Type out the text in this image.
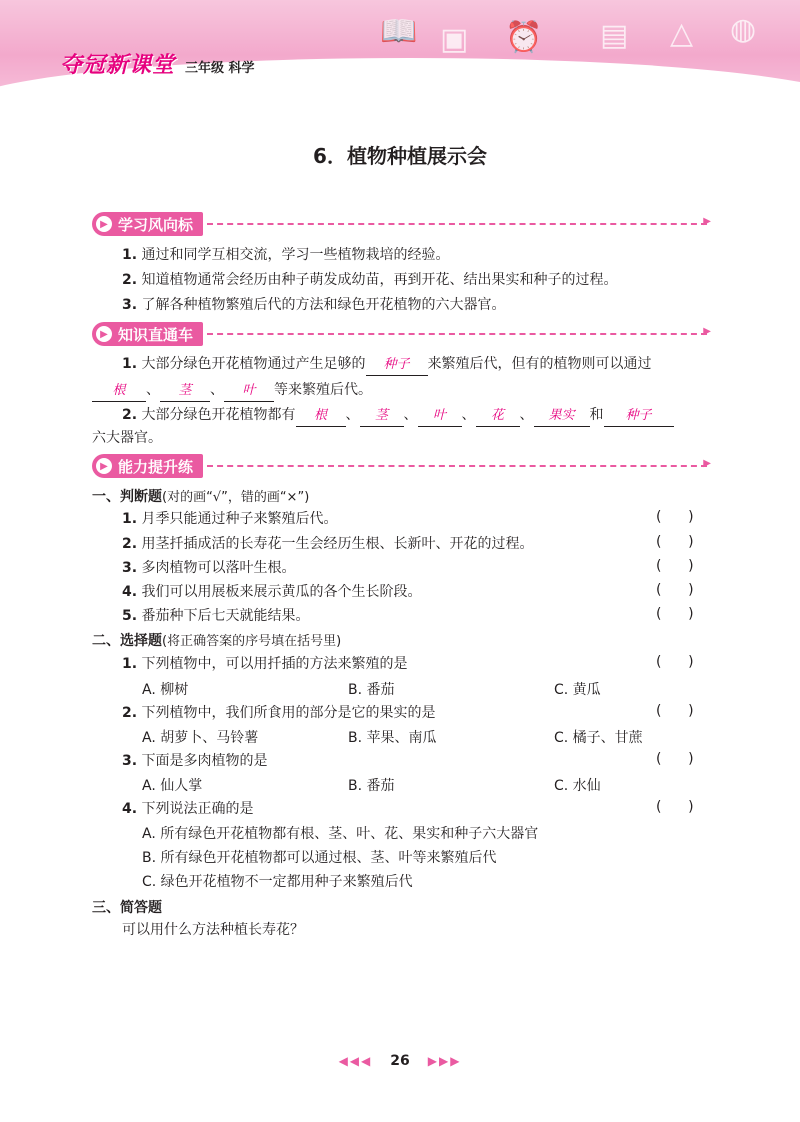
📖 ▣ ⏰ ▤ △ ◍
夺冠新课堂 三年级 科学
6．植物种植展示会
▶ 学习风向标
▶
1. 通过和同学互相交流，学习一些植物栽培的经验。
2. 知道植物通常会经历由种子萌发成幼苗，再到开花、结出果实和种子的过程。
3. 了解各种植物繁殖后代的方法和绿色开花植物的六大器官。
▶ 知识直通车
▶
1. 大部分绿色开花植物通过产生足够的 种子 来繁殖后代，但有的植物则可以通过
根 、 茎 、 叶 等来繁殖后代。
2. 大部分绿色开花植物都有 根 、 茎 、 叶 、 花 、 果实 和 种子
六大器官。
▶ 能力提升练
▶
一、判断题(对的画“√”，错的画“×”)
1. 月季只能通过种子来繁殖后代。	(      )
2. 用茎扦插成活的长寿花一生会经历生根、长新叶、开花的过程。	(      )
3. 多肉植物可以落叶生根。	(      )
4. 我们可以用展板来展示黄瓜的各个生长阶段。	(      )
5. 番茄种下后七天就能结果。	(      )
二、选择题(将正确答案的序号填在括号里)
1. 下列植物中，可以用扦插的方法来繁殖的是	(      )
A. 柳树	B. 番茄	C. 黄瓜
2. 下列植物中，我们所食用的部分是它的果实的是	(      )
A. 胡萝卜、马铃薯	B. 苹果、南瓜	C. 橘子、甘蔗
3. 下面是多肉植物的是	(      )
A. 仙人掌	B. 番茄	C. 水仙
4. 下列说法正确的是	(      )
A. 所有绿色开花植物都有根、茎、叶、花、果实和种子六大器官
B. 所有绿色开花植物都可以通过根、茎、叶等来繁殖后代
C. 绿色开花植物不一定都用种子来繁殖后代
三、简答题
可以用什么方法种植长寿花？
◀◀◀ 26 ▶▶▶
